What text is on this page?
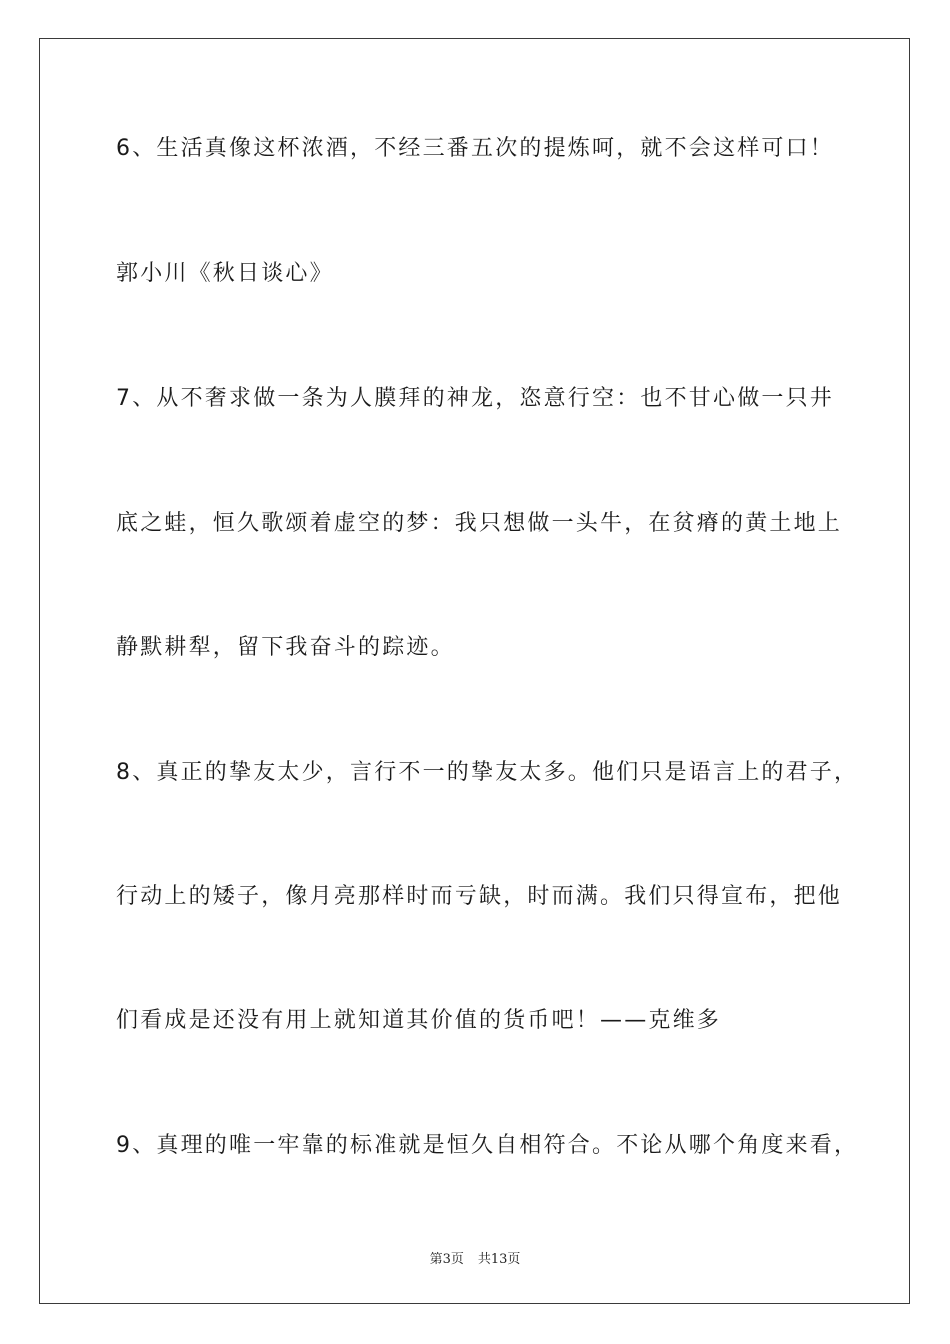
6、生活真像这杯浓酒，不经三番五次的提炼呵，就不会这样可口！
郭小川《秋日谈心》
7、从不奢求做一条为人膜拜的神龙，恣意行空：也不甘心做一只井
底之蛙，恒久歌颂着虚空的梦：我只想做一头牛，在贫瘠的黄土地上
静默耕犁，留下我奋斗的踪迹。
8、真正的挚友太少，言行不一的挚友太多。他们只是语言上的君子，
行动上的矮子，像月亮那样时而亏缺，时而满。我们只得宣布，把他
们看成是还没有用上就知道其价值的货币吧！——克维多
9、真理的唯一牢靠的标准就是恒久自相符合。不论从哪个角度来看，
第3页 共13页
